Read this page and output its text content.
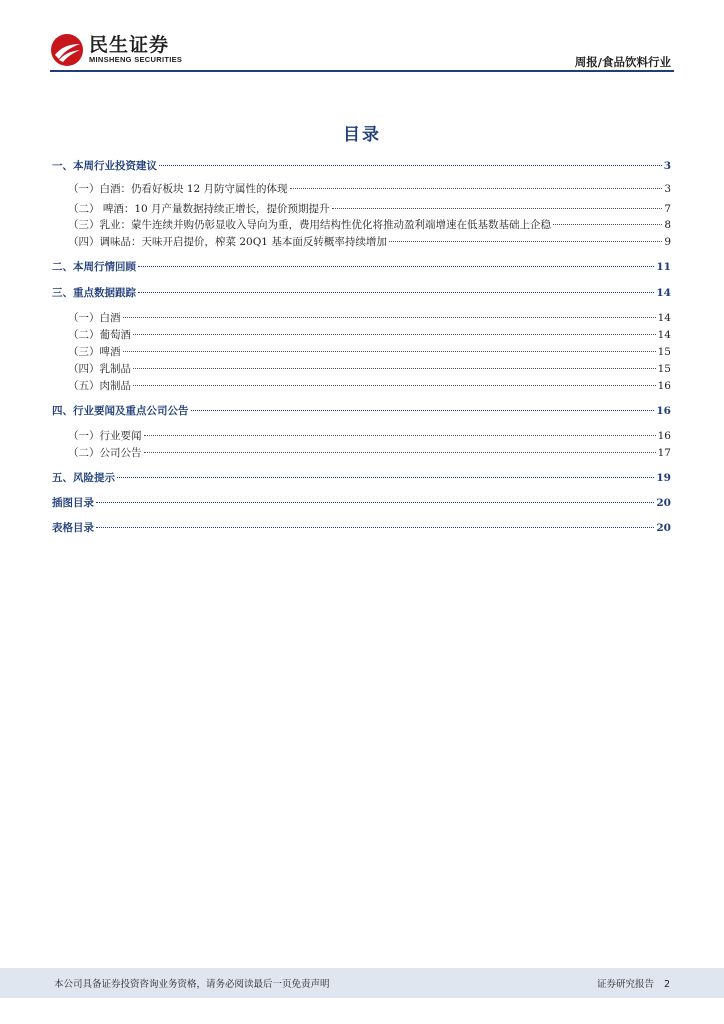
民生证券
MINSHENG SECURITIES	周报/食品饮料行业
目录
一、本周行业投资建议	3
（一）白酒：仍看好板块 12 月防守属性的体现	3
（二） 啤酒：10 月产量数据持续正增长，提价预期提升	7
（三）乳业：蒙牛连续并购仍彰显收入导向为重，费用结构性优化将推动盈利端增速在低基数基础上企稳	8
（四）调味品：天味开启提价，榨菜 20Q1 基本面反转概率持续增加	9
二、本周行情回顾	11
三、重点数据跟踪	14
（一）白酒	14
（二）葡萄酒	14
（三）啤酒	15
（四）乳制品	15
（五）肉制品	16
四、行业要闻及重点公司公告	16
（一）行业要闻	16
（二）公司公告	17
五、风险提示	19
插图目录	20
表格目录	20
本公司具备证券投资咨询业务资格，请务必阅读最后一页免责声明	证券研究报告 2
